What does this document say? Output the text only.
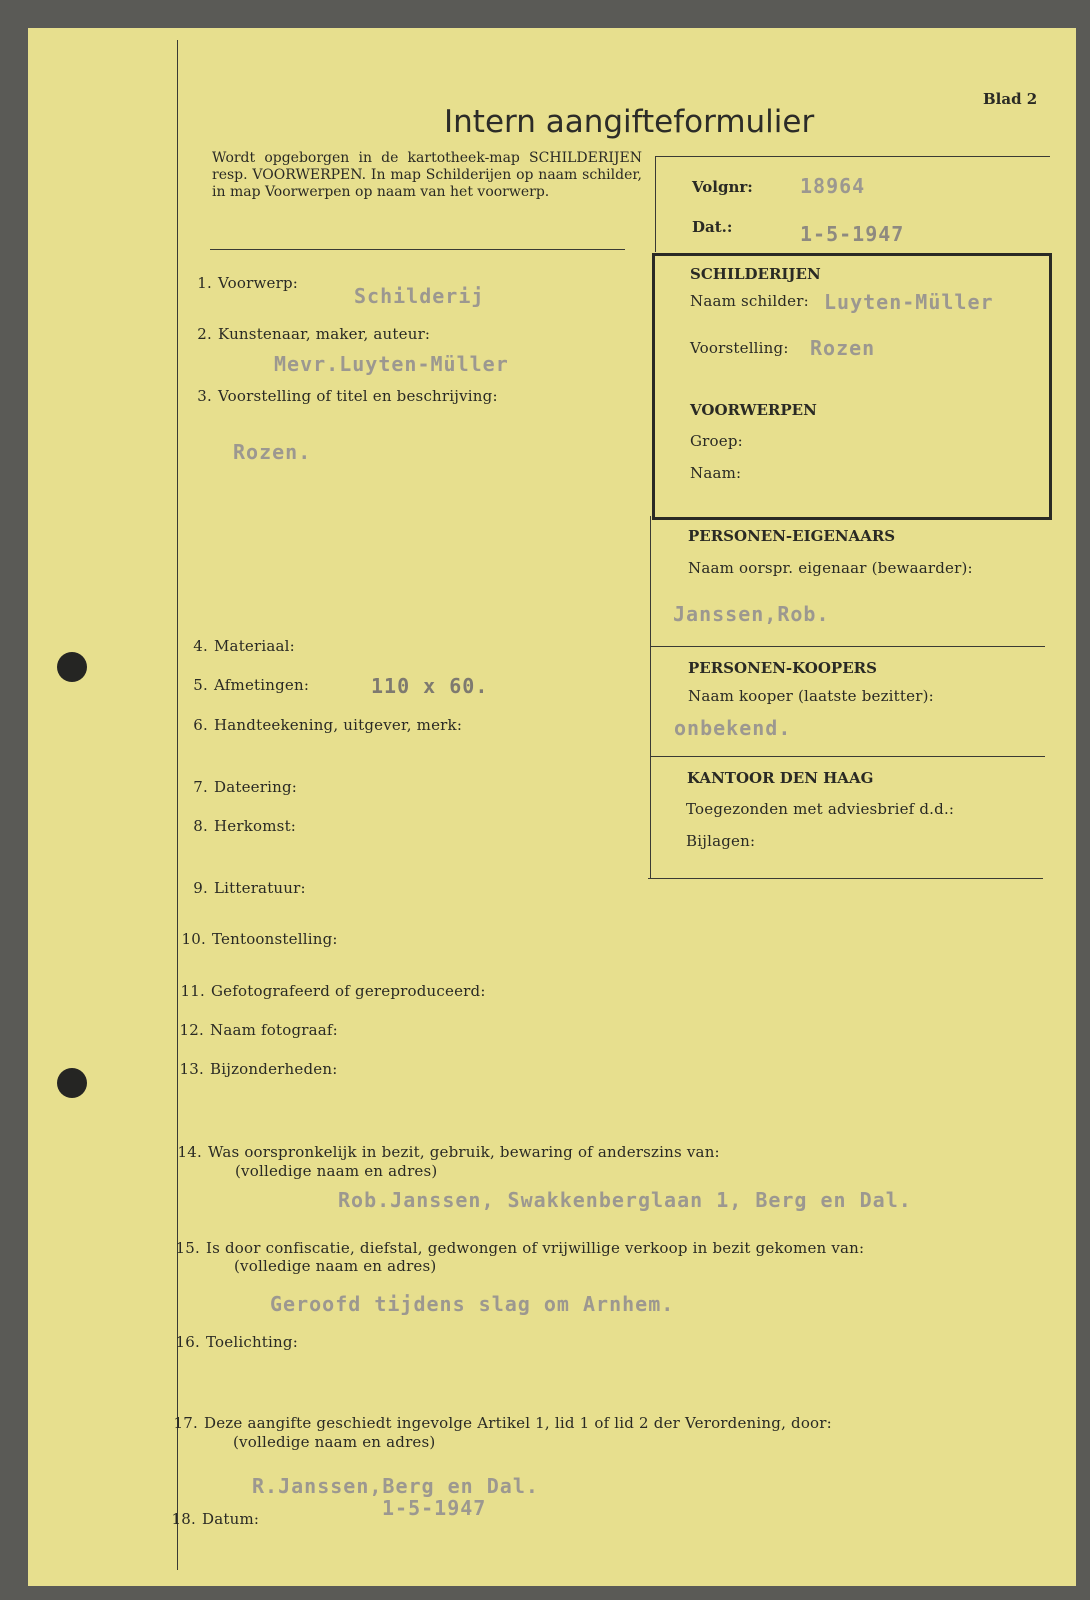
Blad 2
Intern aangifteformulier
Wordt opgeborgen in de kartotheek-map SCHILDERIJEN resp. VOORWERPEN. In map Schilderijen op naam schilder, in map Voorwerpen op naam van het voorwerp.	Volgnr: 18964
Dat.:	1-5-1947
SCHILDERIJEN
Naam schilder: Luyten-Müller
Voorstelling: Rozen
VOORWERPEN
Groep:
Naam:
PERSONEN-EIGENAARS
Naam oorspr. eigenaar (bewaarder):
Janssen,Rob.
PERSONEN-KOOPERS
Naam kooper (laatste bezitter):
onbekend.
KANTOOR DEN HAAG
Toegezonden met adviesbrief d.d.:
Bijlagen:
1. Voorwerp:
Schilderij
2. Kunstenaar, maker, auteur:
Mevr.Luyten-Müller
3. Voorstelling of titel en beschrijving:
Rozen.
4. Materiaal:
5. Afmetingen:	110 x 60.
6. Handteekening, uitgever, merk:
7. Dateering:
8. Herkomst:
9. Litteratuur:
10. Tentoonstelling:
11. Gefotografeerd of gereproduceerd:
12. Naam fotograaf:
13. Bijzonderheden:
14. Was oorspronkelijk in bezit, gebruik, bewaring of anderszins van:
(volledige naam en adres)
Rob.Janssen, Swakkenberglaan 1, Berg en Dal.
15. Is door confiscatie, diefstal, gedwongen of vrijwillige verkoop in bezit gekomen van:
(volledige naam en adres)
Geroofd tijdens slag om Arnhem.
16. Toelichting:
17. Deze aangifte geschiedt ingevolge Artikel 1, lid 1 of lid 2 der Verordening, door:
(volledige naam en adres)
R.Janssen,Berg en Dal.
18. Datum:	1-5-1947
